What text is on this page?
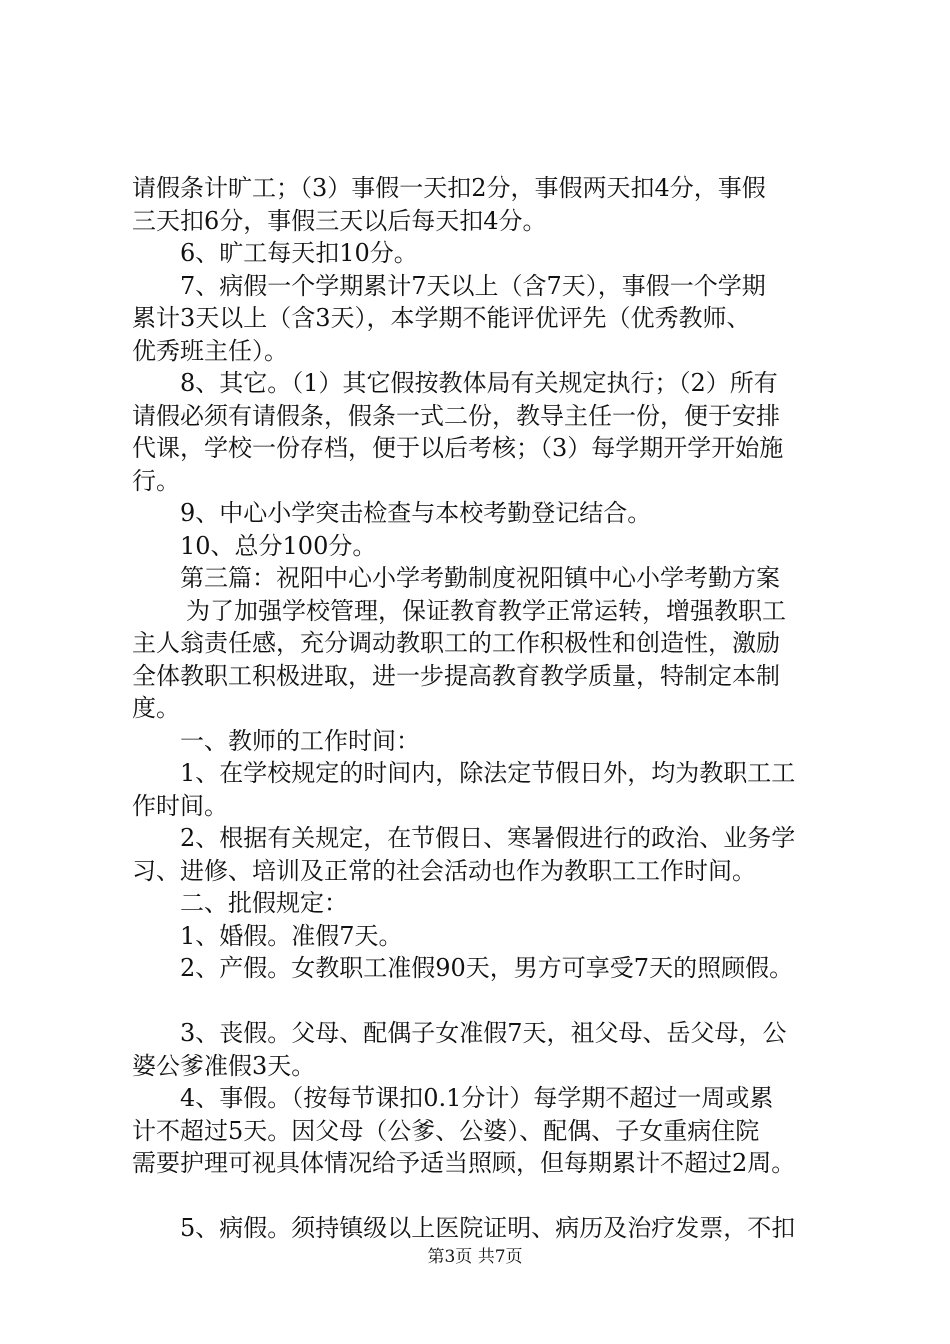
请假条计旷工；（3）事假一天扣2分，事假两天扣4分，事假
三天扣6分，事假三天以后每天扣4分。
6、旷工每天扣10分。
7、病假一个学期累计7天以上（含7天），事假一个学期
累计3天以上（含3天），本学期不能评优评先（优秀教师、
优秀班主任）。
8、其它。（1）其它假按教体局有关规定执行；（2）所有
请假必须有请假条，假条一式二份，教导主任一份，便于安排
代课，学校一份存档，便于以后考核；（3）每学期开学开始施
行。
9、中心小学突击检查与本校考勤登记结合。
10、总分100分。
第三篇：祝阳中心小学考勤制度祝阳镇中心小学考勤方案
为了加强学校管理，保证教育教学正常运转，增强教职工
主人翁责任感，充分调动教职工的工作积极性和创造性，激励
全体教职工积极进取，进一步提高教育教学质量，特制定本制
度。
一、教师的工作时间：
1、在学校规定的时间内，除法定节假日外，均为教职工工
作时间。
2、根据有关规定，在节假日、寒暑假进行的政治、业务学
习、进修、培训及正常的社会活动也作为教职工工作时间。
二、批假规定：
1、婚假。准假7天。
2、产假。女教职工准假90天，男方可享受7天的照顾假。
3、丧假。父母、配偶子女准假7天，祖父母、岳父母，公
婆公爹准假3天。
4、事假。（按每节课扣0.1分计）每学期不超过一周或累
计不超过5天。因父母（公爹、公婆）、配偶、子女重病住院
需要护理可视具体情况给予适当照顾，但每期累计不超过2周。
5、病假。须持镇级以上医院证明、病历及治疗发票，不扣
第3页 共7页
